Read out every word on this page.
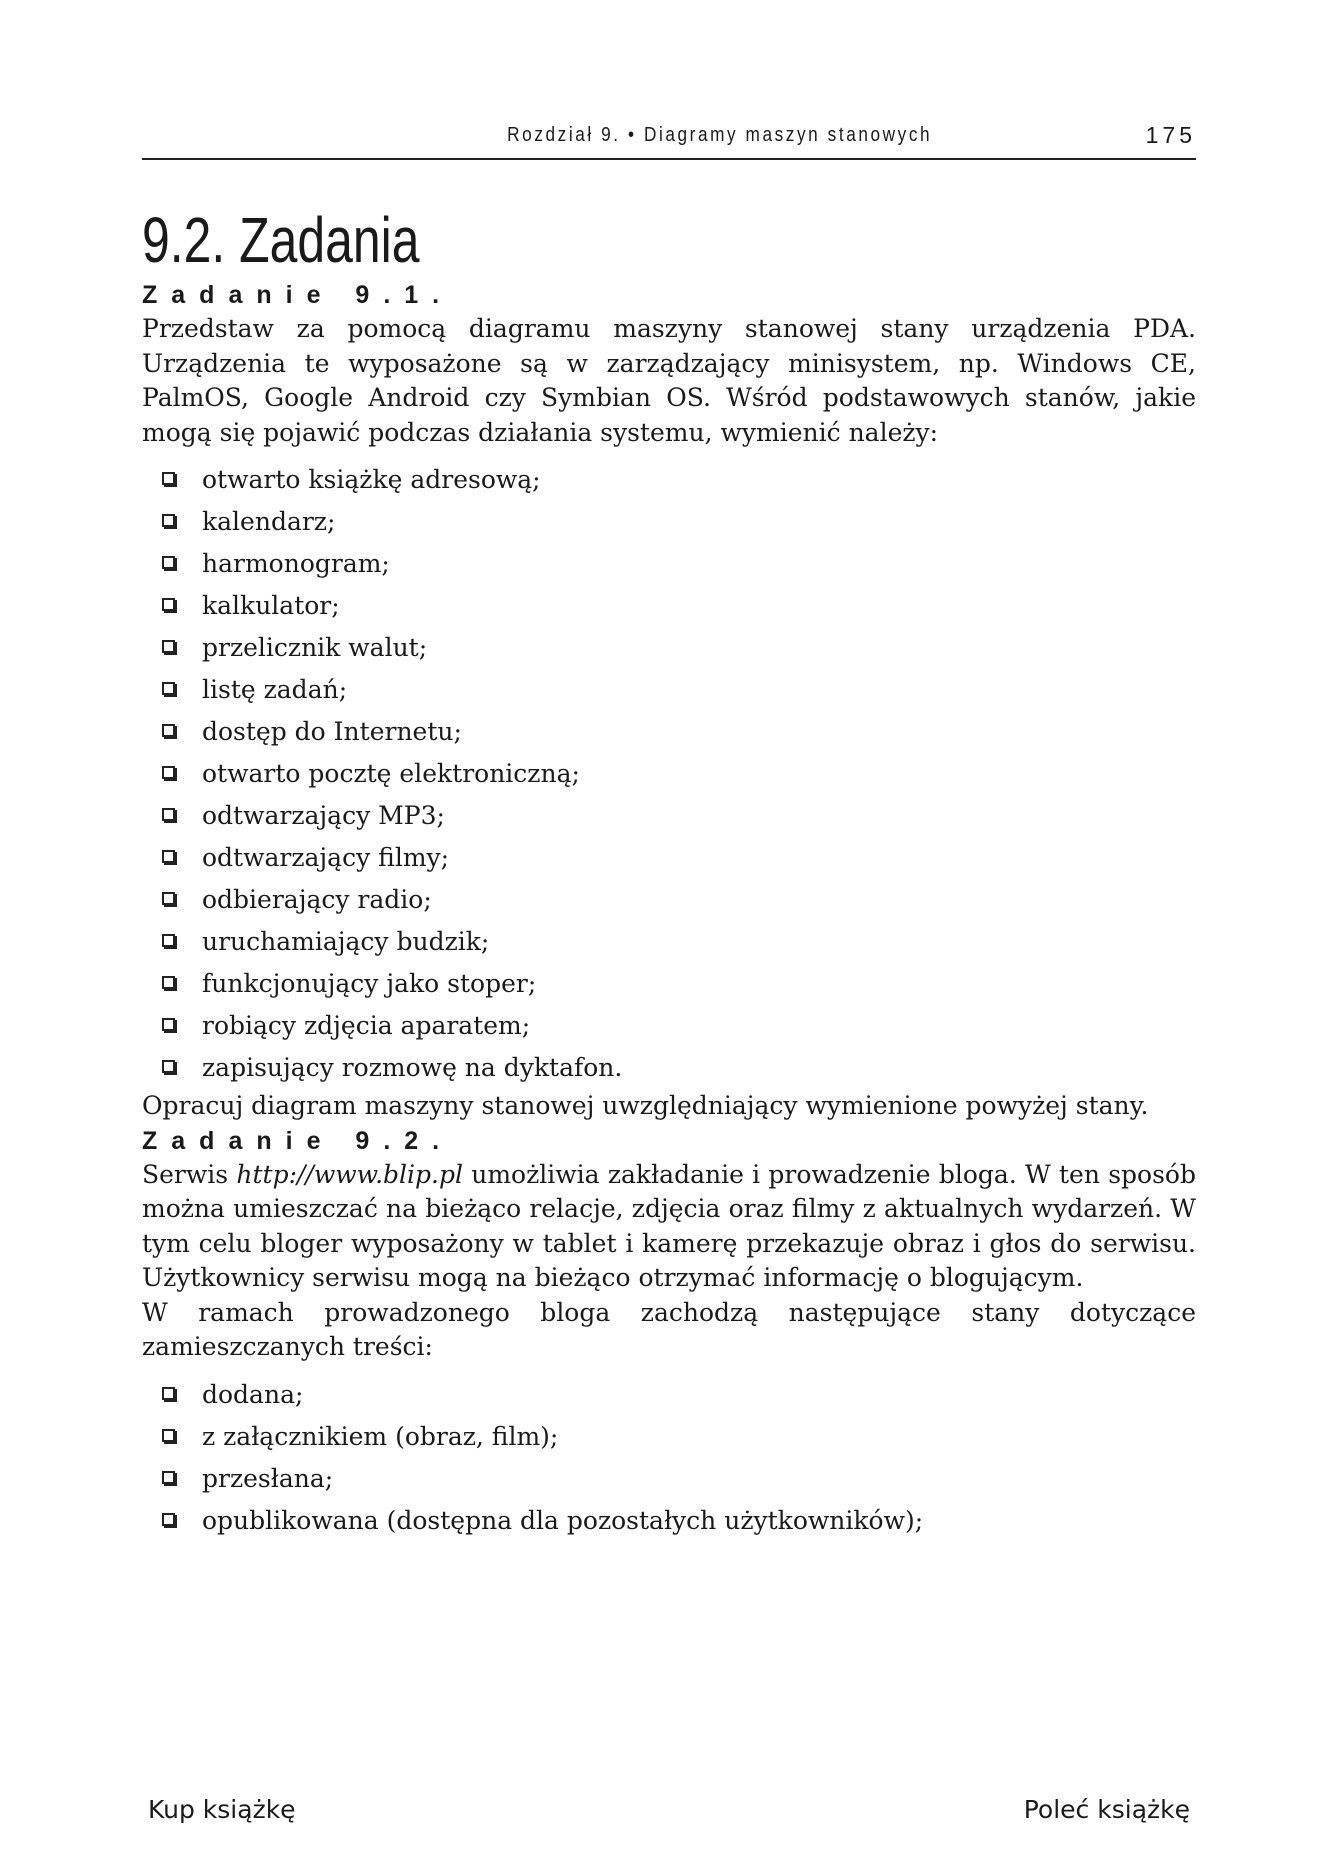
Rozdział 9. • Diagramy maszyn stanowych	175
9.2. Zadania
Zadanie 9.1.

Przedstaw za pomocą diagramu maszyny stanowej stany urządzenia PDA. Urządzenia te wyposażone są w zarządzający minisystem, np. Windows CE, PalmOS, Google Android czy Symbian OS. Wśród podstawowych stanów, jakie mogą się pojawić podczas działania systemu, wymienić należy:

otwarto książkę adresową;
kalendarz;
harmonogram;
kalkulator;
przelicznik walut;
listę zadań;
dostęp do Internetu;
otwarto pocztę elektroniczną;
odtwarzający MP3;
odtwarzający filmy;
odbierający radio;
uruchamiający budzik;
funkcjonujący jako stoper;
robiący zdjęcia aparatem;
zapisujący rozmowę na dyktafon.

Opracuj diagram maszyny stanowej uwzględniający wymienione powyżej stany.

Zadanie 9.2.

Serwis http://www.blip.pl umożliwia zakładanie i prowadzenie bloga. W ten sposób można umieszczać na bieżąco relacje, zdjęcia oraz filmy z aktualnych wydarzeń. W tym celu bloger wyposażony w tablet i kamerę przekazuje obraz i głos do serwisu. Użytkownicy serwisu mogą na bieżąco otrzymać informację o blogującym.

W ramach prowadzonego bloga zachodzą następujące stany dotyczące zamieszczanych treści:

dodana;
z załącznikiem (obraz, film);
przesłana;
opublikowana (dostępna dla pozostałych użytkowników);
Kup książkę	Poleć książkę
